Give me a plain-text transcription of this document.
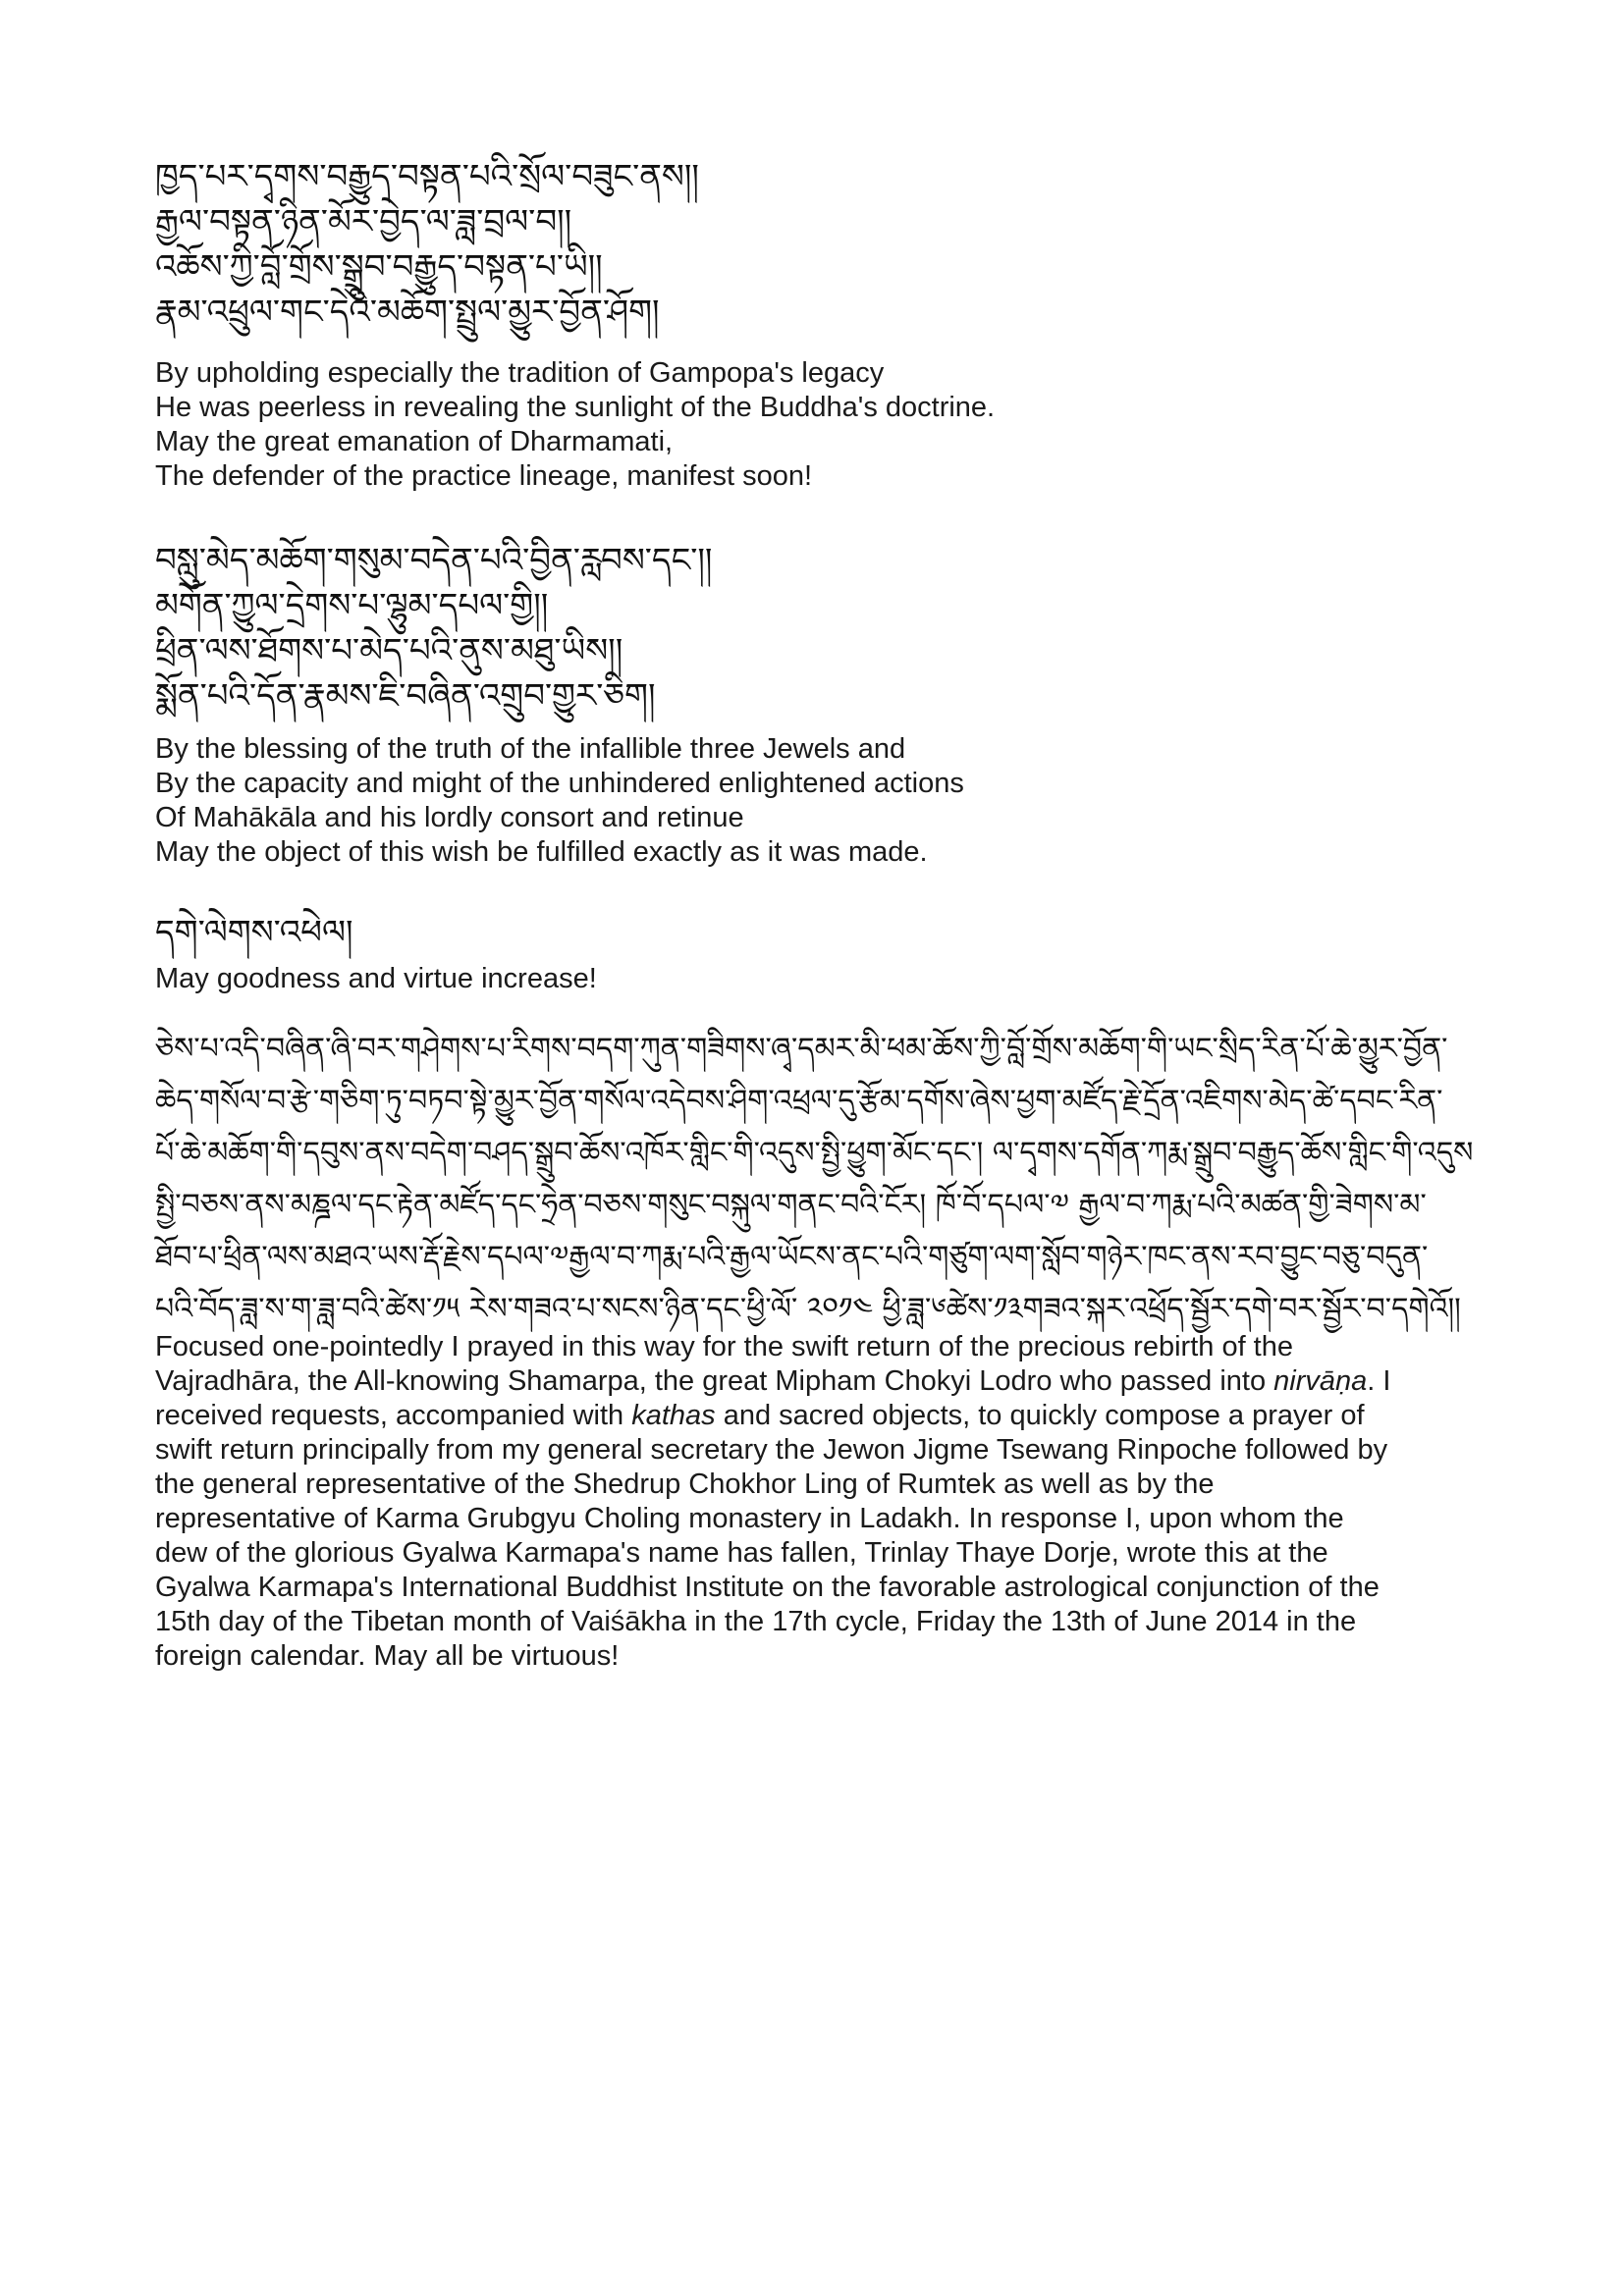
ཁྱད་པར་དྭགས་བརྒྱུད་བསྟན་པའི་སྲོལ་བཟུང་ནས།།
རྒྱལ་བསྟན་ཉིན་མོར་བྱེད་ལ་ཟླ་བྲལ་བ།།
འཆོས་ཀྱི་བློ་གྲོས་སྒྲུབ་བརྒྱུད་བསྟན་པ་ཡི།།
རྣམ་འཕྲུལ་གང་དེའི་མཆོག་སྤྲུལ་མྱུར་བྱོན་ཤོག།
By upholding especially the tradition of Gampopa's legacy
He was peerless in revealing the sunlight of the Buddha's doctrine.
May the great emanation of Dharmamati,
The defender of the practice lineage, manifest soon!
བསླུ་མེད་མཆོག་གསུམ་བདེན་པའི་བྱིན་རླབས་དང་།།
མགོན་ཀྱུལ་དྲེགས་པ་ལྷུམ་དཔལ་གྱི།།
ཕྲིན་ལས་ཐོགས་པ་མེད་པའི་ནུས་མཐུ་ཡིས།།
སྨོན་པའི་དོན་རྣམས་ཇི་བཞིན་འགྲུབ་གྱུར་ཅིག།
By the blessing of the truth of the infallible three Jewels and
By the capacity and might of the unhindered enlightened actions
Of Mahākāla and his lordly consort and retinue
May the object of this wish be fulfilled exactly as it was made.
དགེ་ལེགས་འཕེལ།
May goodness and virtue increase!
ཅེས་པ་འདི་བཞིན་ཞི་བར་གཤེགས་པ་རིགས་བདག་ཀུན་གཟིགས་ཞྭ་དམར་མི་ཕམ་ཆོས་ཀྱི་བློ་གྲོས་མཆོག་གི་ཡང་སྲིད་རིན་པོ་ཆེ་མྱུར་བྱོན་
ཆེད་གསོལ་བ་རྩེ་གཅིག་ཏུ་བཏབ་སྟེ་མྱུར་བྱོན་གསོལ་འདེབས་ཤིག་འཕྲལ་དུ་རྩོམ་དགོས་ཞེས་ཕྱག་མཛོད་རྗེ་དྲོན་འཇིགས་མེད་ཚེ་དབང་རིན་
པོ་ཆེ་མཆོག་གི་དབུས་ནས་བདེག་བཤད་སྒྲུབ་ཆོས་འཁོར་གླིང་གི་འདུས་སྤྱི་ཕྱུག་མོང་དང་། ལ་དྭགས་དགོན་ཀརྨ་སྒྲུབ་བརྒྱུད་ཆོས་གླིང་གི་འདུས
སྤྱི་བཅས་ནས་མཎྜལ་དང་རྟེན་མཛོད་དང་ཧྲེན་བཅས་གསུང་བསྐུལ་གནང་བའི་ངོར། ཁོ་བོ་དཔལ་༧ རྒྱལ་བ་ཀརྨ་པའི་མཚན་གྱི་ཟེགས་མ་
ཐོབ་པ་ཕྲིན་ལས་མཐའ་ཡས་རྡོ་རྗེས་དཔལ་༧རྒྱལ་བ་ཀརྨ་པའི་རྒྱལ་ཡོངས་ནང་པའི་གཙུག་ལག་སློབ་གཉེར་ཁང་ནས་རབ་བྱུང་བཅུ་བདུན་
པའི་བོད་ཟླ་ས་ག་ཟླ་བའི་ཚེས་༡༥ རེས་གཟའ་པ་སངས་ཉིན་དང་ཕྱི་ལོ་ ༢༠༡༤ ཕྱི་ཟླ་༦ཚེས་༡༣གཟའ་སྐར་འཕྲོད་སྦྱོར་དགེ་བར་སྦྱོར་བ་དགེའོ།།
Focused one-pointedly I prayed in this way for the swift return of the precious rebirth of the Vajradhāra, the All-knowing Shamarpa, the great Mipham Chokyi Lodro who passed into nirvāṇa. I received requests, accompanied with kathas and sacred objects, to quickly compose a prayer of swift return principally from my general secretary the Jewon Jigme Tsewang Rinpoche followed by the general representative of the Shedrup Chokhor Ling of Rumtek as well as by the representative of Karma Grubgyu Choling monastery in Ladakh. In response I, upon whom the dew of the glorious Gyalwa Karmapa's name has fallen, Trinlay Thaye Dorje, wrote this at the Gyalwa Karmapa's International Buddhist Institute on the favorable astrological conjunction of the 15th day of the Tibetan month of Vaiśākha in the 17th cycle, Friday the 13th of June 2014 in the foreign calendar. May all be virtuous!
